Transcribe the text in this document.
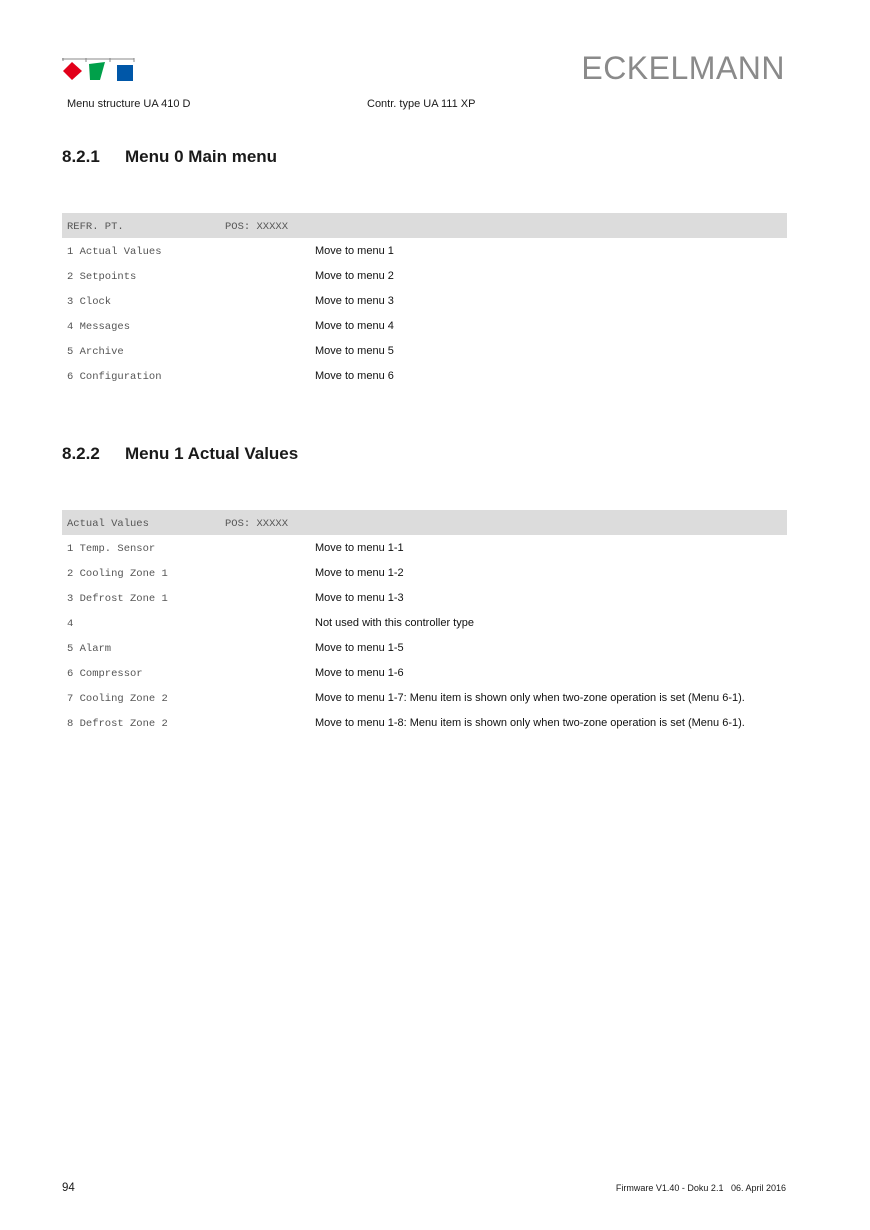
ECKELMANN
Menu structure UA 410 D	Contr. type UA 111 XP
8.2.1 Menu 0 Main menu
REFR. PT.	POS: XXXXX
1 Actual Values	Move to menu 1
2 Setpoints	Move to menu 2
3 Clock	Move to menu 3
4 Messages	Move to menu 4
5 Archive	Move to menu 5
6 Configuration	Move to menu 6
8.2.2 Menu 1 Actual Values
Actual Values	POS: XXXXX
1 Temp. Sensor	Move to menu 1-1
2 Cooling Zone 1	Move to menu 1-2
3 Defrost Zone 1	Move to menu 1-3
4	Not used with this controller type
5 Alarm	Move to menu 1-5
6 Compressor	Move to menu 1-6
7 Cooling Zone 2	Move to menu 1-7: Menu item is shown only when two-zone operation is set (Menu 6-1).
8 Defrost Zone 2	Move to menu 1-8: Menu item is shown only when two-zone operation is set (Menu 6-1).
94	Firmware V1.40 - Doku 2.1   06. April 2016
